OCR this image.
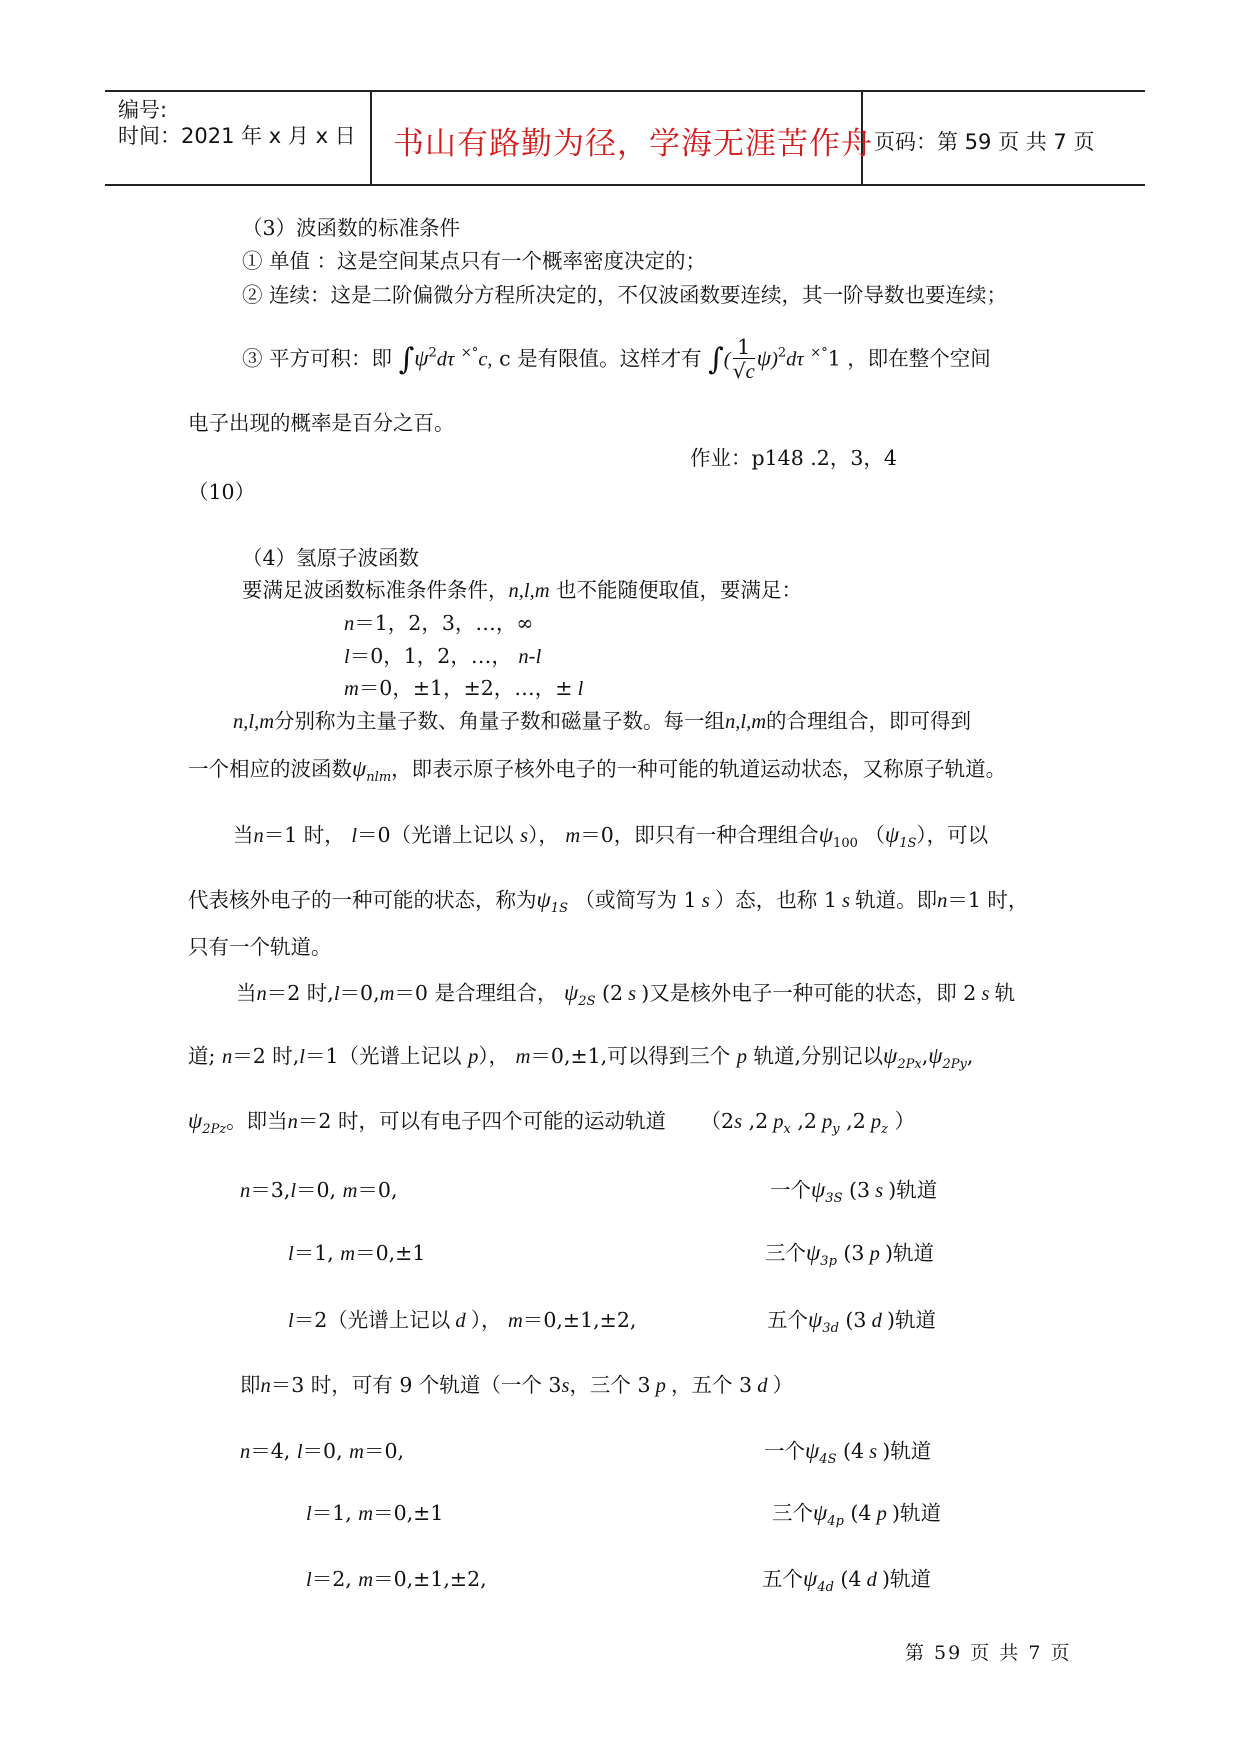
编号:
时间：2021 年 x 月 x 日 书山有路勤为径，学海无涯苦作舟 页码：第 59 页 共 7 页
（3）波函数的标准条件
① 单值 ：这是空间某点只有一个概率密度决定的；
② 连续：这是二阶偏微分方程所决定的，不仅波函数要连续，其一阶导数也要连续；
③ 平方可积：即 $\int\psi^2d\tau$ ×°c, c 是有限值。这样才有 ∫( $\frac{1}{√c} \psi)^2d\tau$ ×°1 ，即在整个空间
电子出现的概率是百分之百。
作业：p148 .2，3，4
（10）
（4）氢原子波函数
要满足波函数标准条件条件，n,l,m 也不能随便取值，要满足：
n＝1，2，3，…，∞
l＝0，1，2，…， n-l
m＝0，±1，±2，…，± l
n,l,m分别称为主量子数、角量子数和磁量子数。每一组n,l,m的合理组合，即可得到
一个相应的波函数$\psi_{nlm}$，即表示原子核外电子的一种可能的轨道运动状态，又称原子轨道。
当n＝1 时， l＝0（光谱上记以 s）， m＝0，即只有一种合理组合$\psi_{100}$ $(\psi_{1S})$，可以
代表核外电子的一种可能的状态，称为$\psi_{1S}$ （或简写为 1 s ）态，也称 1 s 轨道。即n＝1 时，
只有一个轨道。
当n＝2 时,l＝0,m＝0 是合理组合， $\psi_{2S}$ (2 s )又是核外电子一种可能的状态，即 2 s 轨
道; n＝2 时,l＝1（光谱上记以 p）， m＝0,±1,可以得到三个 p 轨道,分别记以$\psi_{2Px},\psi_{2Py}$,
$\psi_{2Pz}$。即当n＝2 时，可以有电子四个可能的运动轨道 （2s ,2 $p_x$ ,2 $p_y$ ,2 $p_z$ ）
n＝3,l＝0, m＝0,	一个$\psi_{3S}$ (3 s )轨道
l＝1, m＝0,±1	三个$\psi_{3p}$ (3 p )轨道
l＝2（光谱上记以 d ）， m＝0,±1,±2,	五个$\psi_{3d}$ (3 d )轨道
即n＝3 时，可有 9 个轨道（一个 3s，三个 3 p ，五个 3 d ）
n＝4, l＝0, m＝0,	一个$\psi_{4S}$ (4 s )轨道
l＝1, m＝0,±1	三个$\psi_{4p}$ (4 p )轨道
l＝2, m＝0,±1,±2,	五个$\psi_{4d}$ (4 d )轨道
第 59 页 共 7 页
